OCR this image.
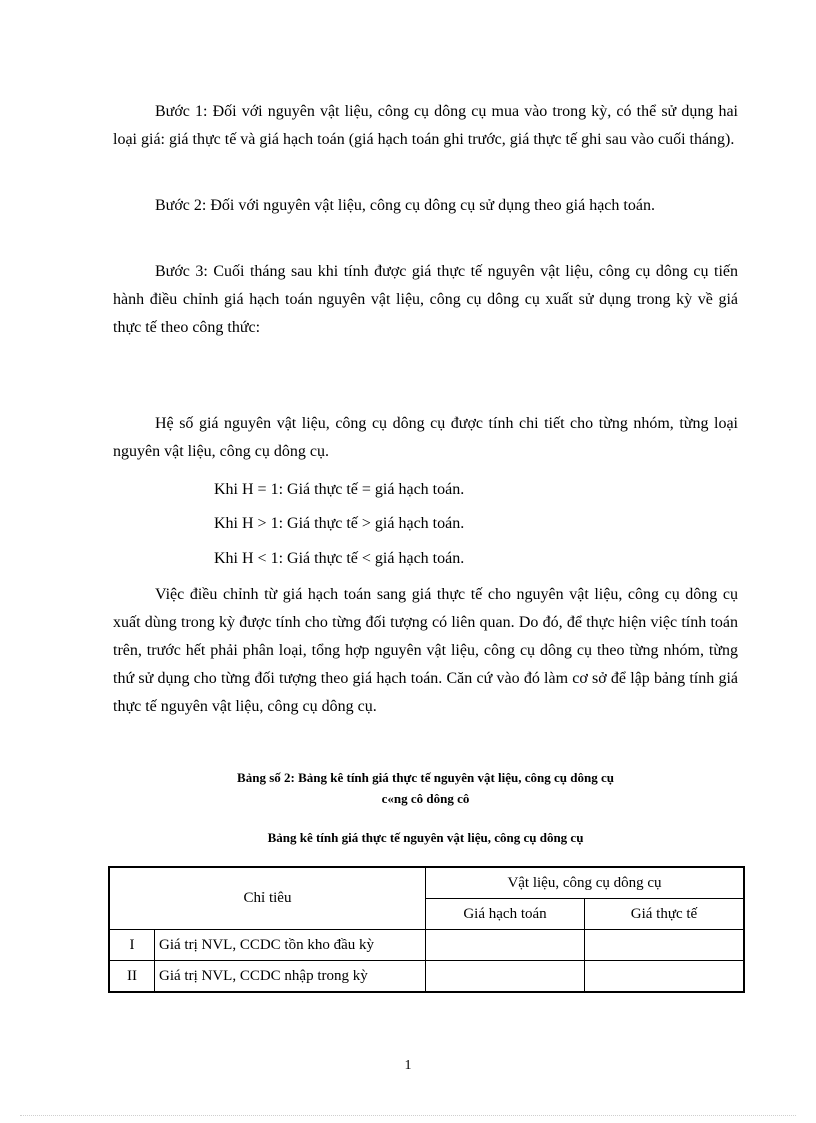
Bước 1: Đối với nguyên vật liệu, công cụ dông cụ mua vào trong kỳ, có thể sử dụng hai loại giá: giá thực tế và giá hạch toán (giá hạch toán ghi trước, giá thực tế ghi sau vào cuối tháng).

Bước 2: Đối với nguyên vật liệu, công cụ dông cụ sử dụng theo giá hạch toán.

Bước 3: Cuối tháng sau khi tính được giá thực tế nguyên vật liệu, công cụ dông cụ tiến hành điều chỉnh giá hạch toán nguyên vật liệu, công cụ dông cụ xuất sử dụng trong kỳ về giá thực tế theo công thức:

Hệ số giá nguyên vật liệu, công cụ dông cụ được tính chi tiết cho từng nhóm, từng loại nguyên vật liệu, công cụ dông cụ.

Khi H = 1: Giá thực tế = giá hạch toán.

Khi H > 1: Giá thực tế > giá hạch toán.

Khi H < 1: Giá thực tế < giá hạch toán.

Việc điều chỉnh từ giá hạch toán sang giá thực tế cho nguyên vật liệu, công cụ dông cụ xuất dùng trong kỳ được tính cho từng đối tượng có liên quan. Do đó, để thực hiện việc tính toán trên, trước hết phải phân loại, tổng hợp nguyên vật liệu, công cụ dông cụ theo từng nhóm, từng thứ sử dụng cho từng đối tượng theo giá hạch toán. Căn cứ vào đó làm cơ sở để lập bảng tính giá thực tế nguyên vật liệu, công cụ dông cụ.

Bảng số 2: Bảng kê tính giá thực tế nguyên vật liệu, công cụ dông cụ

c«ng cô dông cô

Bảng kê tính giá thực tế nguyên vật liệu, công cụ dông cụ

Chỉ tiêu		Vật liệu, công cụ dông cụ	
		Giá hạch toán	Giá thực tế
I	Giá trị NVL, CCDC tồn kho đầu kỳ		
II	Giá trị NVL, CCDC nhập trong kỳ		
1
